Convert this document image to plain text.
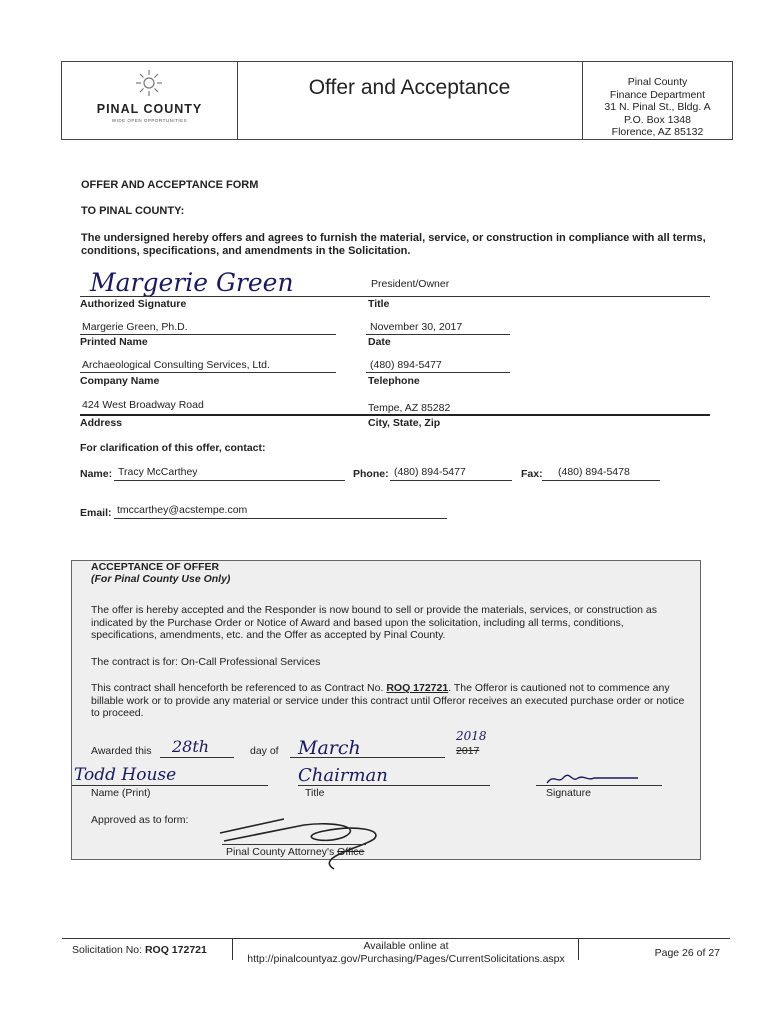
PINAL COUNTY
WIDE OPEN OPPORTUNITIES
Offer and Acceptance	Pinal County
Finance Department
31 N. Pinal St., Bldg. A
P.O. Box 1348
Florence, AZ 85132
OFFER AND ACCEPTANCE FORM
TO PINAL COUNTY:
The undersigned hereby offers and agrees to furnish the material, service, or construction in compliance with all terms, conditions, specifications, and amendments in the Solicitation.
Margerie Green	President/Owner
Authorized Signature	Title
Margerie Green, Ph.D.	November 30, 2017
Printed Name	Date
Archaeological Consulting Services, Ltd.	(480) 894-5477
Company Name	Telephone
424 West Broadway Road	Tempe, AZ 85282
Address	City, State, Zip
For clarification of this offer, contact:
Name: Tracy McCarthey	Phone: (480) 894-5477	Fax: (480) 894-5478
Email: tmccarthey@acstempe.com
ACCEPTANCE OF OFFER
(For Pinal County Use Only)
The offer is hereby accepted and the Responder is now bound to sell or provide the materials, services, or construction as indicated by the Purchase Order or Notice of Award and based upon the solicitation, including all terms, conditions, specifications, amendments, etc. and the Offer as accepted by Pinal County.
The contract is for: On-Call Professional Services
This contract shall henceforth be referenced to as Contract No. ROQ 172721. The Offeror is cautioned not to commence any billable work or to provide any material or service under this contract until Offeror receives an executed purchase order or notice to proceed.
Awarded this 28th	day of March
2018
2017
Todd House	Chairman
Name (Print)	Title	Signature
Approved as to form:
Pinal County Attorney's Office
Solicitation No: ROQ 172721	Available online at
http://pinalcountyaz.gov/Purchasing/Pages/CurrentSolicitations.aspx	Page 26 of 27
